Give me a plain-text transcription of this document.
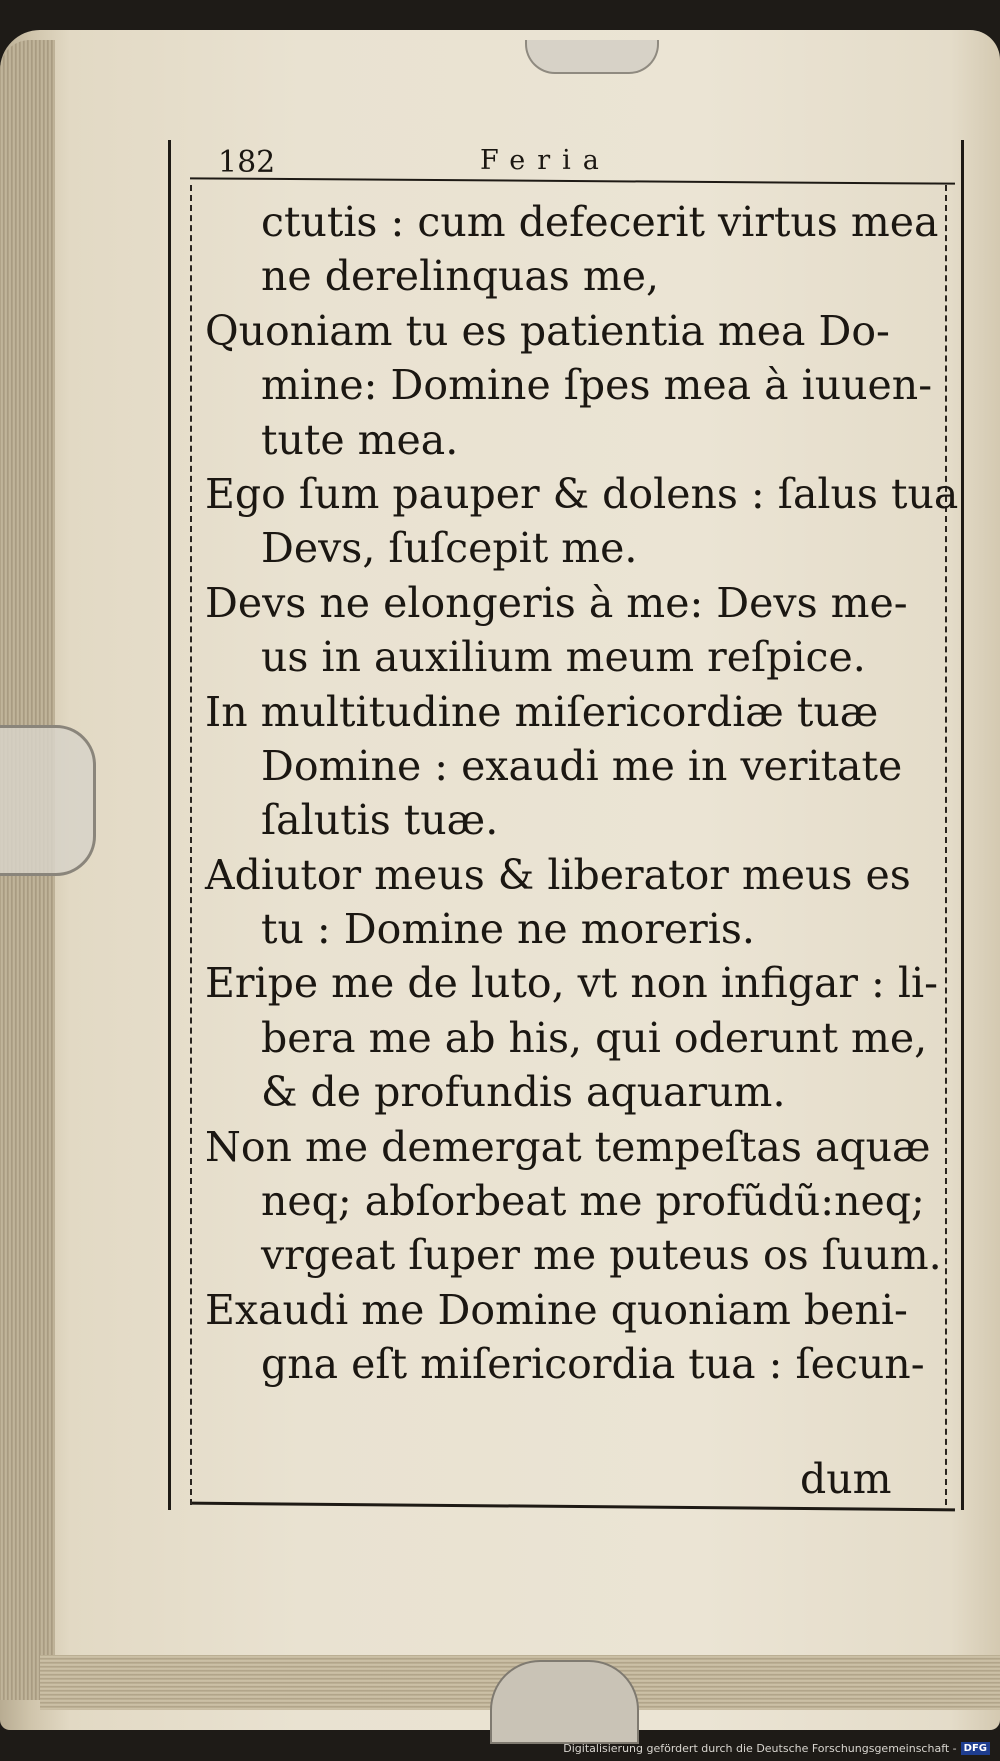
182	Feria
ctutis : cum defecerit virtus mea
ne derelinquas me,
Quoniam tu es patientia mea Do-
mine: Domine ſpes mea à iuuen-
tute mea.
Ego ſum pauper & dolens : ſalus tua
Devs, ſuſcepit me.
Devs ne elongeris à me: Devs me-
us in auxilium meum reſpice.
In multitudine miſericordiæ tuæ
Domine : exaudi me in veritate
ſalutis tuæ.
Adiutor meus & liberator meus es
tu : Domine ne moreris.
Eripe me de luto, vt non infigar : li-
bera me ab his, qui oderunt me,
& de profundis aquarum.
Non me demergat tempeſtas aquæ
neq; abſorbeat me profũdũ:neq;
vrgeat ſuper me puteus os ſuum.
Exaudi me Domine quoniam beni-
gna eſt miſericordia tua : ſecun-
dum
Digitalisierung gefördert durch die Deutsche Forschungsgemeinschaft - DFG
